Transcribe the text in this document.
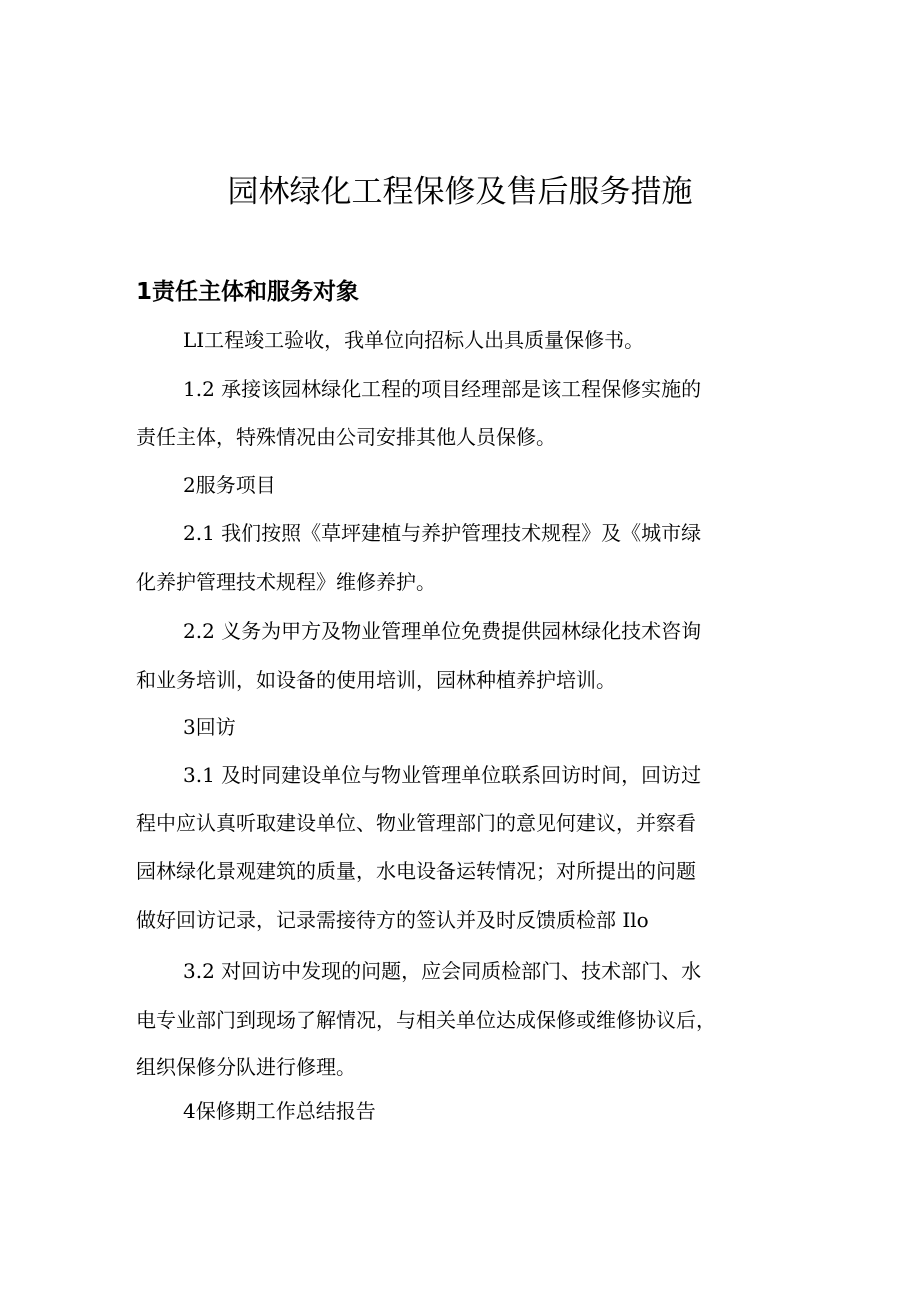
园林绿化工程保修及售后服务措施
1责任主体和服务对象
LI工程竣工验收，我单位向招标人出具质量保修书。
1.2 承接该园林绿化工程的项目经理部是该工程保修实施的
责任主体，特殊情况由公司安排其他人员保修。
2服务项目
2.1 我们按照《草坪建植与养护管理技术规程》及《城市绿
化养护管理技术规程》维修养护。
2.2 义务为甲方及物业管理单位免费提供园林绿化技术咨询
和业务培训，如设备的使用培训，园林种植养护培训。
3回访
3.1 及时同建设单位与物业管理单位联系回访时间，回访过
程中应认真听取建设单位、物业管理部门的意见何建议，并察看
园林绿化景观建筑的质量，水电设备运转情况；对所提出的问题
做好回访记录，记录需接待方的签认并及时反馈质检部 Ilo
3.2 对回访中发现的问题，应会同质检部门、技术部门、水
电专业部门到现场了解情况，与相关单位达成保修或维修协议后，
组织保修分队进行修理。
4保修期工作总结报告
